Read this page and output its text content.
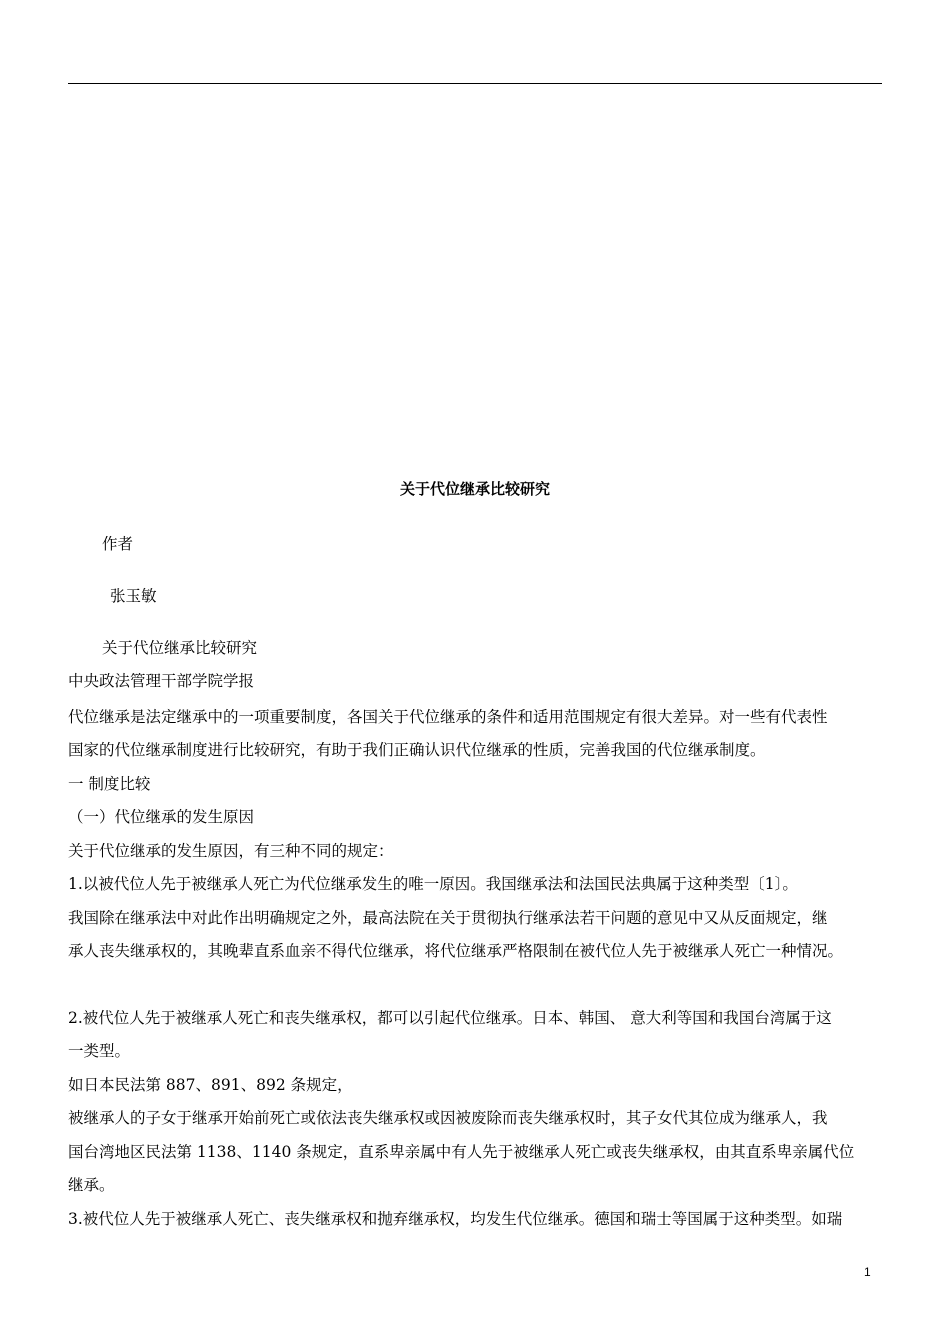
关于代位继承比较研究
作者
张玉敏
关于代位继承比较研究
中央政法管理干部学院学报
代位继承是法定继承中的一项重要制度，各国关于代位继承的条件和适用范围规定有很大差异。对一些有代表性
国家的代位继承制度进行比较研究，有助于我们正确认识代位继承的性质，完善我国的代位继承制度。
一 制度比较
（一）代位继承的发生原因
关于代位继承的发生原因，有三种不同的规定：
1.以被代位人先于被继承人死亡为代位继承发生的唯一原因。我国继承法和法国民法典属于这种类型〔1〕。
我国除在继承法中对此作出明确规定之外，最高法院在关于贯彻执行继承法若干问题的意见中又从反面规定，继
承人丧失继承权的，其晚辈直系血亲不得代位继承，将代位继承严格限制在被代位人先于被继承人死亡一种情况。
2.被代位人先于被继承人死亡和丧失继承权，都可以引起代位继承。日本、韩国、 意大利等国和我国台湾属于这
一类型。
如日本民法第 887、891、892 条规定，
被继承人的子女于继承开始前死亡或依法丧失继承权或因被废除而丧失继承权时，其子女代其位成为继承人，我
国台湾地区民法第 1138、1140 条规定，直系卑亲属中有人先于被继承人死亡或丧失继承权，由其直系卑亲属代位
继承。
3.被代位人先于被继承人死亡、丧失继承权和抛弃继承权，均发生代位继承。德国和瑞士等国属于这种类型。如瑞
1
